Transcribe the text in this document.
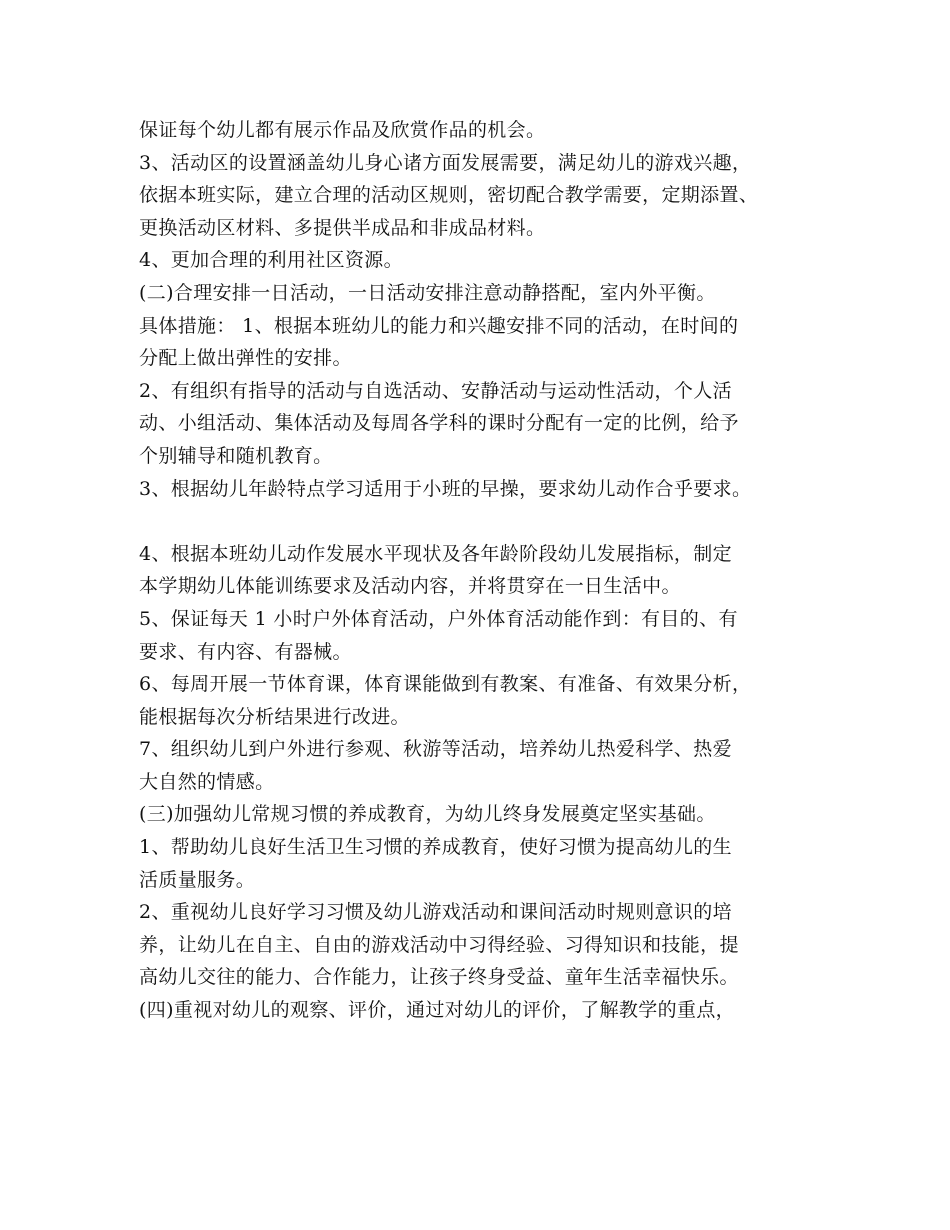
保证每个幼儿都有展示作品及欣赏作品的机会。
3、活动区的设置涵盖幼儿身心诸方面发展需要，满足幼儿的游戏兴趣，
依据本班实际，建立合理的活动区规则，密切配合教学需要，定期添置、
更换活动区材料、多提供半成品和非成品材料。
4、更加合理的利用社区资源。
(二)合理安排一日活动，一日活动安排注意动静搭配，室内外平衡。
具体措施： 1、根据本班幼儿的能力和兴趣安排不同的活动，在时间的
分配上做出弹性的安排。
2、有组织有指导的活动与自选活动、安静活动与运动性活动，个人活
动、小组活动、集体活动及每周各学科的课时分配有一定的比例，给予
个别辅导和随机教育。
3、根据幼儿年龄特点学习适用于小班的早操，要求幼儿动作合乎要求。
4、根据本班幼儿动作发展水平现状及各年龄阶段幼儿发展指标，制定
本学期幼儿体能训练要求及活动内容，并将贯穿在一日生活中。
5、保证每天 1 小时户外体育活动，户外体育活动能作到：有目的、有
要求、有内容、有器械。
6、每周开展一节体育课，体育课能做到有教案、有准备、有效果分析，
能根据每次分析结果进行改进。
7、组织幼儿到户外进行参观、秋游等活动，培养幼儿热爱科学、热爱
大自然的情感。
(三)加强幼儿常规习惯的养成教育，为幼儿终身发展奠定坚实基础。
1、帮助幼儿良好生活卫生习惯的养成教育，使好习惯为提高幼儿的生
活质量服务。
2、重视幼儿良好学习习惯及幼儿游戏活动和课间活动时规则意识的培
养，让幼儿在自主、自由的游戏活动中习得经验、习得知识和技能，提
高幼儿交往的能力、合作能力，让孩子终身受益、童年生活幸福快乐。
(四)重视对幼儿的观察、评价，通过对幼儿的评价，了解教学的重点，
